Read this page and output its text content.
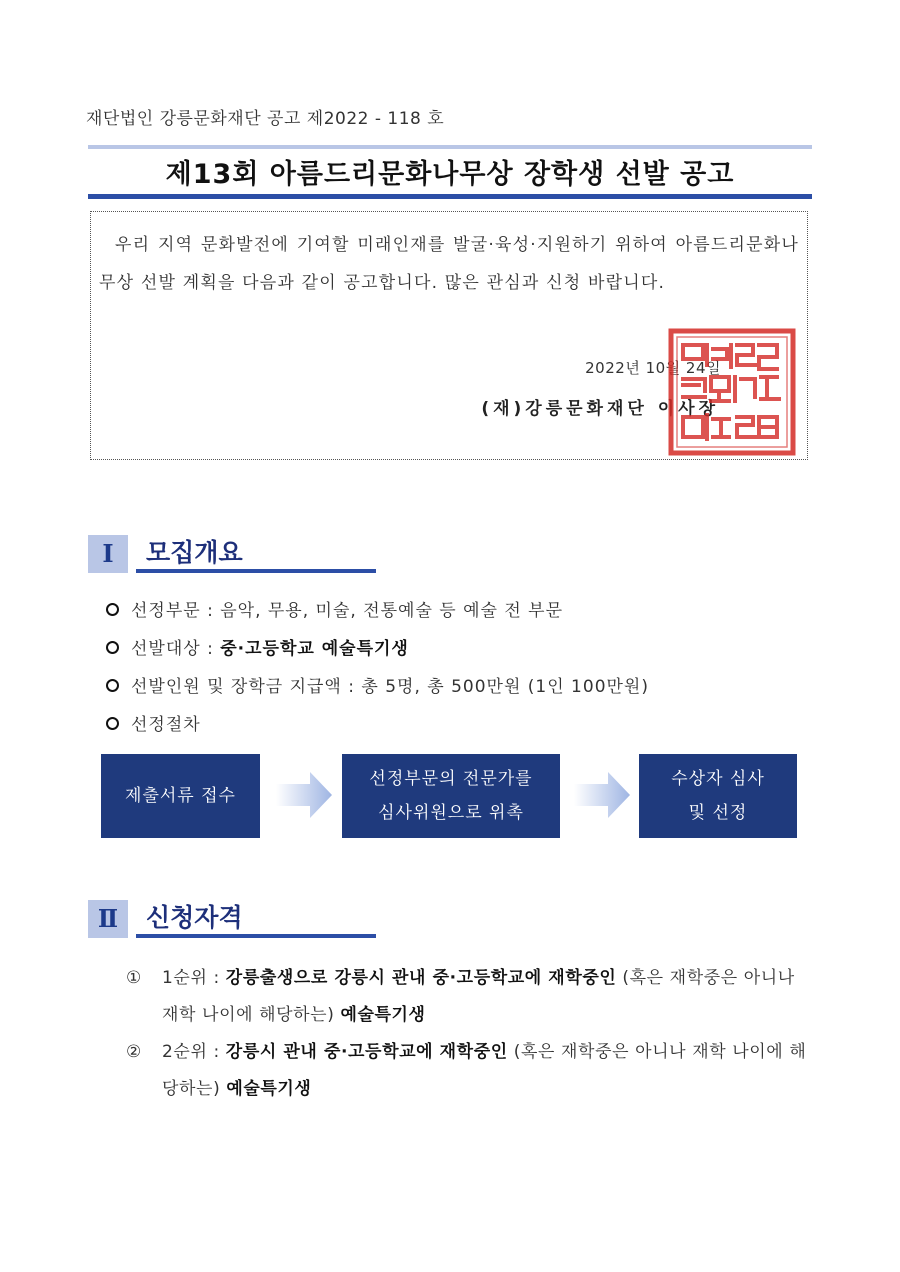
재단법인 강릉문화재단 공고 제2022 - 118 호
제13회 아름드리문화나무상 장학생 선발 공고

우리 지역 문화발전에 기여할 미래인재를 발굴·육성·지원하기 위하여 아름드리문화나무상 선발 계획을 다음과 같이 공고합니다. 많은 관심과 신청 바랍니다.

2022년 10월 24일
(재)강릉문화재단 이사장
Ⅰ	모집개요
선정부문 : 음악, 무용, 미술, 전통예술 등 예술 전 부문
선발대상 : 중·고등학교 예술특기생
선발인원 및 장학금 지급액 : 총 5명, 총 500만원 (1인 100만원)
선정절차
제출서류 접수
선정부문의 전문가를
심사위원으로 위촉
수상자 심사
및 선정
Ⅱ	신청자격
① 1순위 : 강릉출생으로 강릉시 관내 중·고등학교에 재학중인 (혹은 재학중은 아니나 재학 나이에 해당하는) 예술특기생
② 2순위 : 강릉시 관내 중·고등학교에 재학중인 (혹은 재학중은 아니나 재학 나이에 해당하는) 예술특기생
